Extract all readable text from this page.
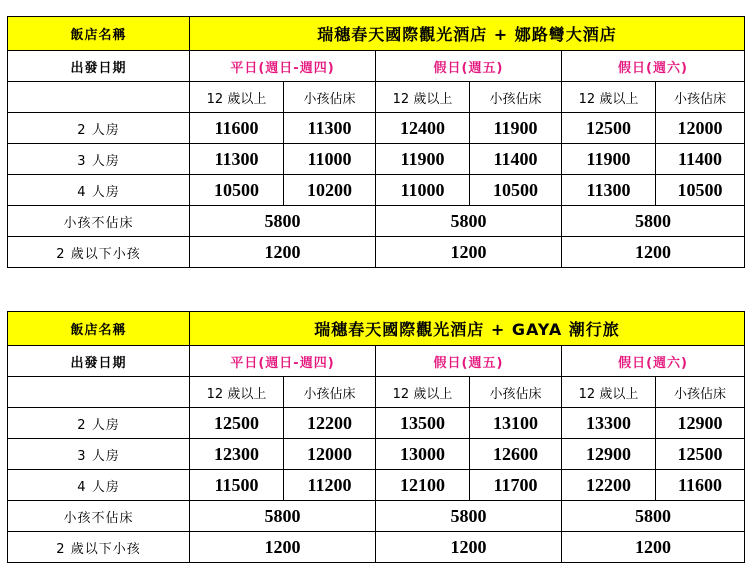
飯店名稱	瑞穗春天國際觀光酒店 + 娜路彎大酒店					
出發日期	平日(週日-週四)		假日(週五)		假日(週六)	
	12 歲以上	小孩佔床	12 歲以上	小孩佔床	12 歲以上	小孩佔床
2 人房	11600	11300	12400	11900	12500	12000
3 人房	11300	11000	11900	11400	11900	11400
4 人房	10500	10200	11000	10500	11300	10500
小孩不佔床	5800		5800		5800	
2 歲以下小孩	1200		1200		1200	
飯店名稱	瑞穗春天國際觀光酒店 + GAYA 潮行旅					
出發日期	平日(週日-週四)		假日(週五)		假日(週六)	
	12 歲以上	小孩佔床	12 歲以上	小孩佔床	12 歲以上	小孩佔床
2 人房	12500	12200	13500	13100	13300	12900
3 人房	12300	12000	13000	12600	12900	12500
4 人房	11500	11200	12100	11700	12200	11600
小孩不佔床	5800		5800		5800	
2 歲以下小孩	1200		1200		1200	
